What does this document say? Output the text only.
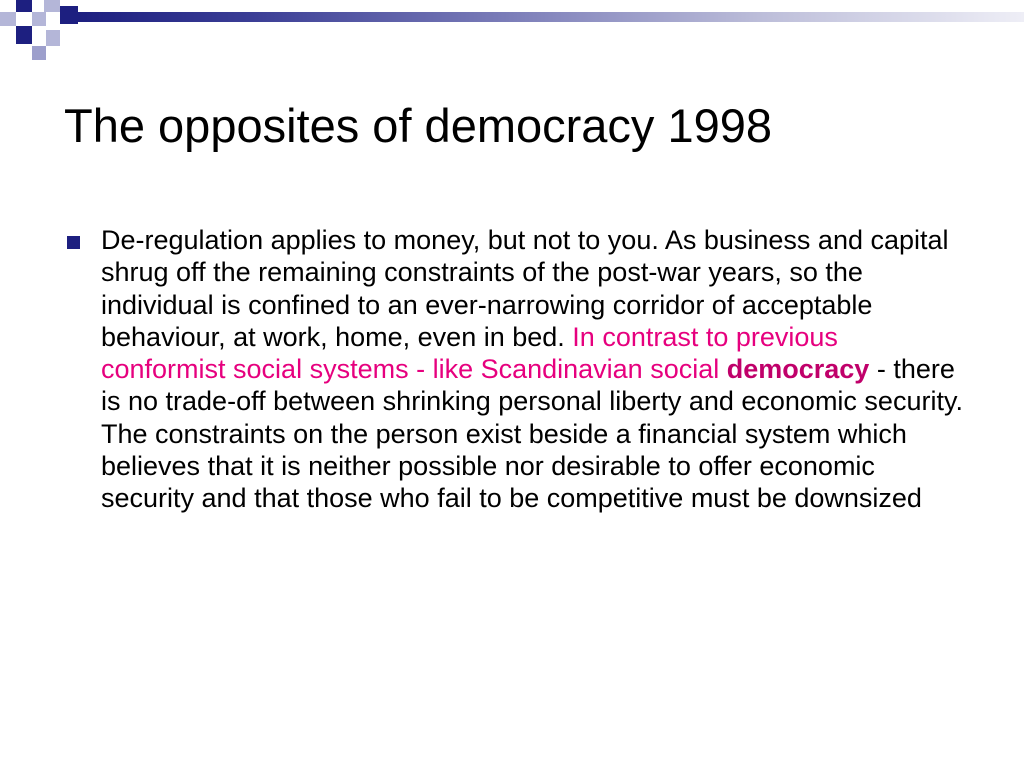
The opposites of democracy 1998
De-regulation applies to money, but not to you. As business and capital shrug off the remaining constraints of the post-war years, so the individual is confined to an ever-narrowing corridor of acceptable behaviour, at work, home, even in bed. In contrast to previous conformist social systems - like Scandinavian social democracy - there is no trade-off between shrinking personal liberty and economic security. The constraints on the person exist beside a financial system which believes that it is neither possible nor desirable to offer economic security and that those who fail to be competitive must be downsized
